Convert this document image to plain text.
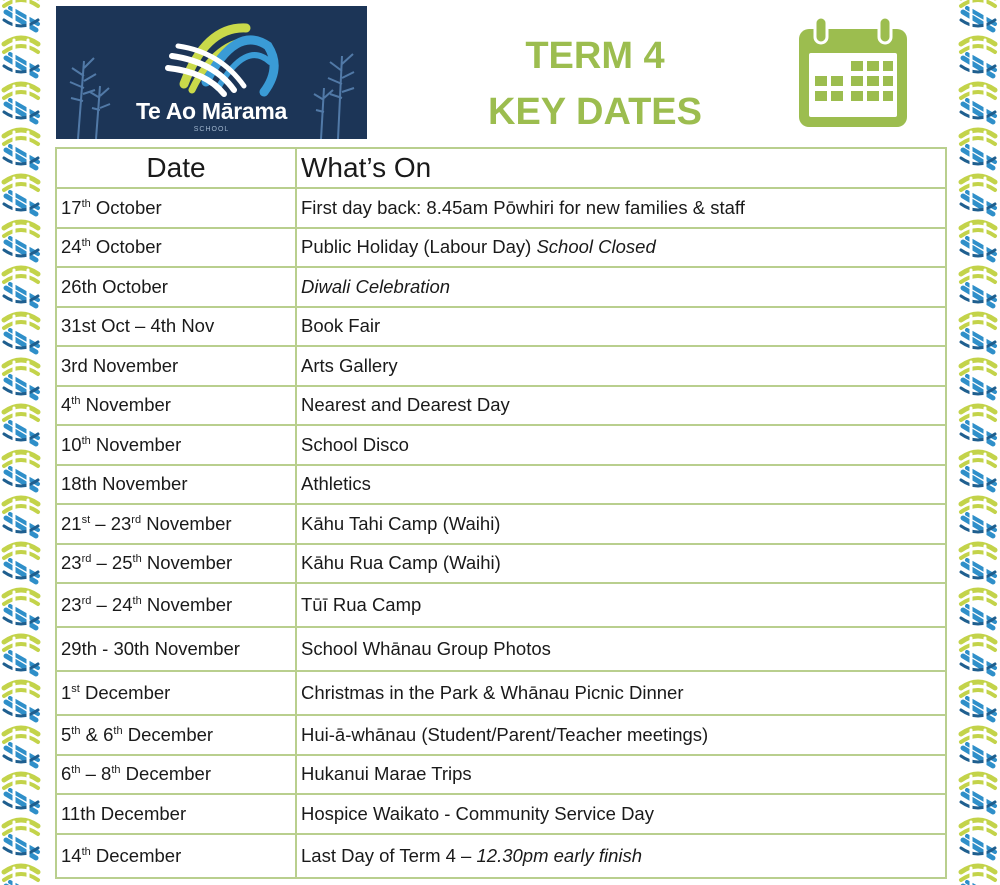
Te Ao Mārama
SCHOOL
TERM 4
KEY DATES
Date	What’s On
17th October	First day back: 8.45am Pōwhiri for new families & staff
24th October	Public Holiday (Labour Day) School Closed
26th October	Diwali Celebration
31st Oct – 4th Nov	Book Fair
3rd November	Arts Gallery
4th November	Nearest and Dearest Day
10th November	School Disco
18th November	Athletics
21st – 23rd November	Kāhu Tahi Camp (Waihi)
23rd – 25th November	Kāhu Rua Camp (Waihi)
23rd – 24th November	Tūī Rua Camp
29th - 30th November	School Whānau Group Photos
1st December	Christmas in the Park & Whānau Picnic Dinner
5th & 6th December	Hui-ā-whānau (Student/Parent/Teacher meetings)
6th – 8th December	Hukanui Marae Trips
11th December	Hospice Waikato - Community Service Day
14th December	Last Day of Term 4 – 12.30pm early finish
